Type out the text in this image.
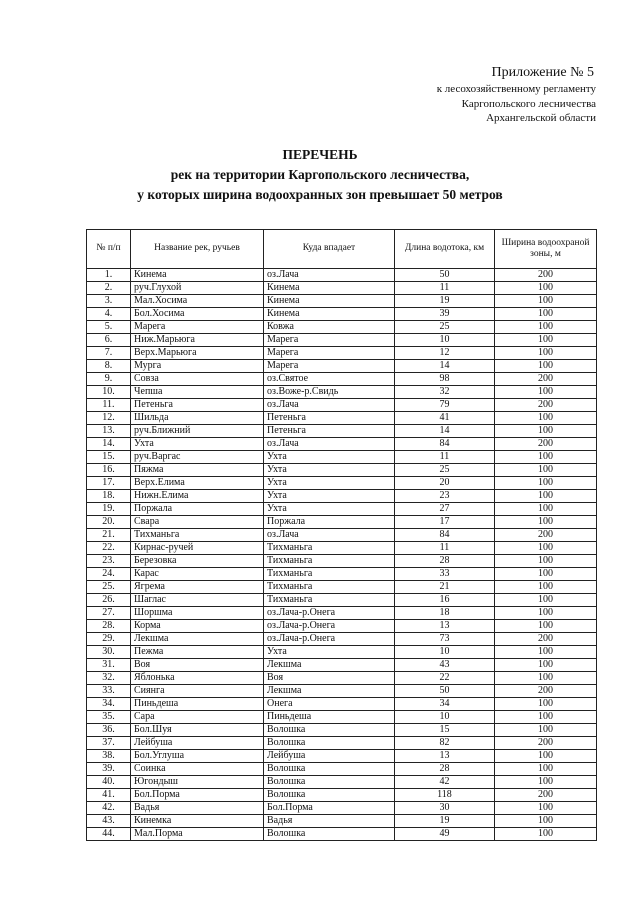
Приложение № 5
к лесохозяйственному регламенту
Каргопольского лесничества
Архангельской области
ПЕРЕЧЕНЬ
рек на территории Каргопольского лесничества,
у которых ширина водоохранных зон превышает 50 метров
№ п/п	Название рек, ручьев	Куда впадает	Длина водотока, км	Ширина водоохраной зоны, м
1.	Кинема	оз.Лача	50	200
2.	руч.Глухой	Кинема	11	100
3.	Мал.Хосима	Кинема	19	100
4.	Бол.Хосима	Кинема	39	100
5.	Марега	Ковжа	25	100
6.	Ниж.Марьюга	Марега	10	100
7.	Верх.Марьюга	Марега	12	100
8.	Мурга	Марега	14	100
9.	Совза	оз.Святое	98	200
10.	Чепша	оз.Воже-р.Свидь	32	100
11.	Петеньга	оз.Лача	79	200
12.	Шильда	Петеньга	41	100
13.	руч.Ближний	Петеньга	14	100
14.	Ухта	оз.Лача	84	200
15.	руч.Варгас	Ухта	11	100
16.	Пяжма	Ухта	25	100
17.	Верх.Елима	Ухта	20	100
18.	Нижн.Елима	Ухта	23	100
19.	Поржала	Ухта	27	100
20.	Свара	Поржала	17	100
21.	Тихманьга	оз.Лача	84	200
22.	Кирнас-ручей	Тихманьга	11	100
23.	Березовка	Тихманьга	28	100
24.	Карас	Тихманьга	33	100
25.	Ягрема	Тихманьга	21	100
26.	Шаглас	Тихманьга	16	100
27.	Шоршма	оз.Лача-р.Онега	18	100
28.	Корма	оз.Лача-р.Онега	13	100
29.	Лекшма	оз.Лача-р.Онега	73	200
30.	Пежма	Ухта	10	100
31.	Воя	Лекшма	43	100
32.	Яблонька	Воя	22	100
33.	Сиянга	Лекшма	50	200
34.	Пиньдеша	Онега	34	100
35.	Сара	Пиньдеша	10	100
36.	Бол.Шуя	Волошка	15	100
37.	Лейбуша	Волошка	82	200
38.	Бол.Углуша	Лейбуша	13	100
39.	Соинка	Волошка	28	100
40.	Югондыш	Волошка	42	100
41.	Бол.Порма	Волошка	118	200
42.	Вадья	Бол.Порма	30	100
43.	Кинемка	Вадья	19	100
44.	Мал.Порма	Волошка	49	100
